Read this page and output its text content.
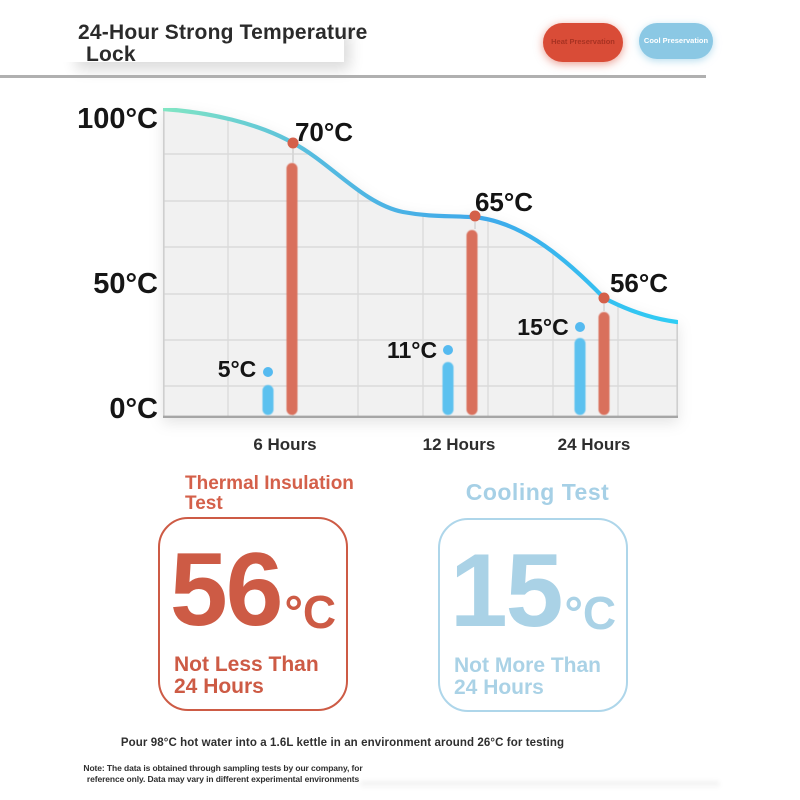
24-Hour Strong Temperature
Lock
Heat Preservation	Cool Preservation
100°C
50°C
0°C
70°C
65°C
56°C
5°C
11°C
15°C
6 Hours	12 Hours	24 Hours
Thermal Insulation Test
56 °C
Not Less Than 24 Hours
Cooling Test
15 °C
Not More Than 24 Hours
Pour 98°C hot water into a 1.6L kettle in an environment around 26°C for testing
Note: The data is obtained through sampling tests by our company, for reference only. Data may vary in different experimental environments
